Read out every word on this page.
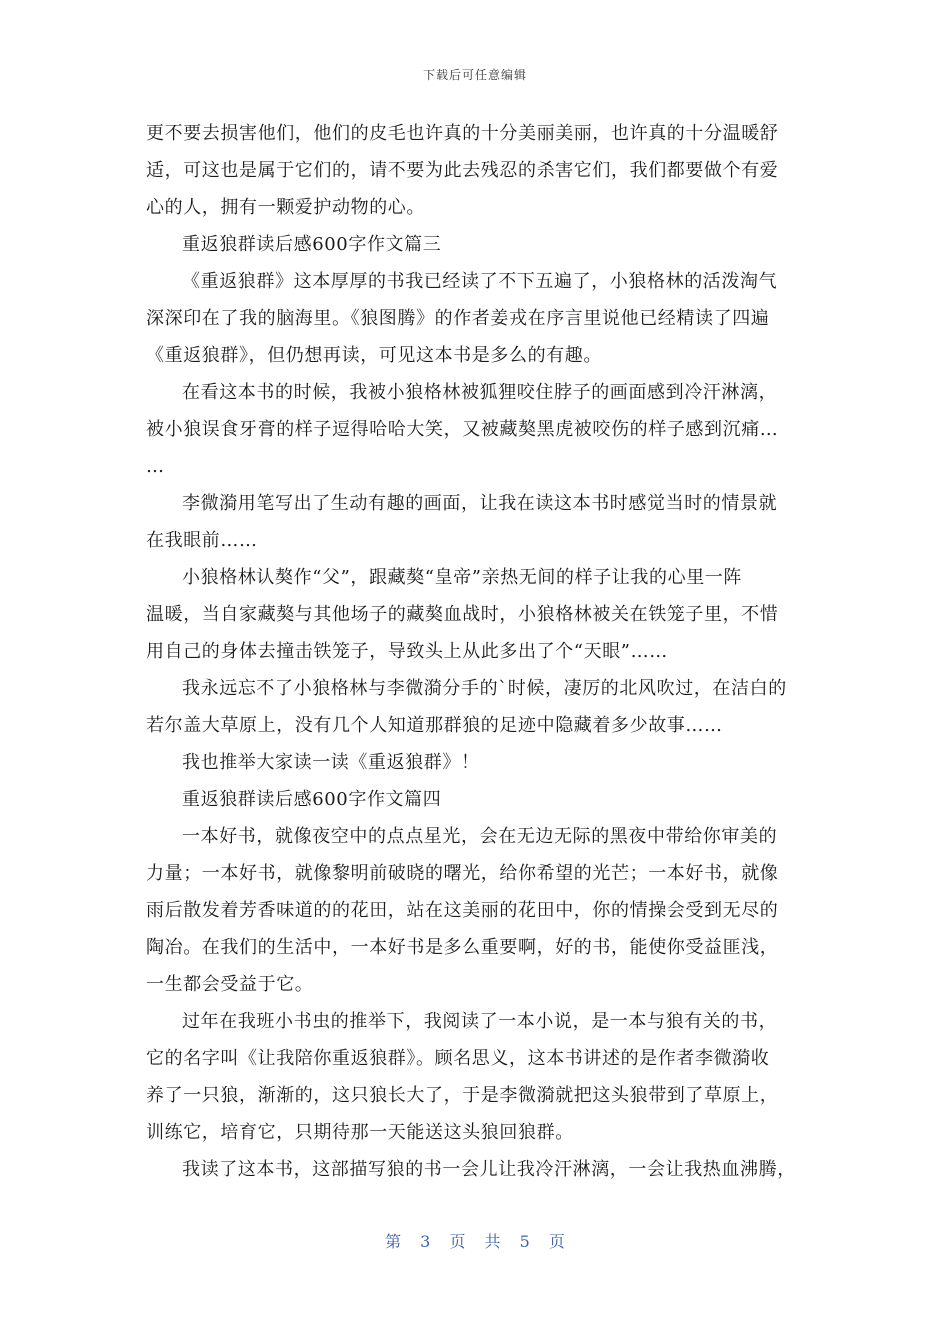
下载后可任意编辑
更不要去损害他们，他们的皮毛也许真的十分美丽美丽，也许真的十分温暖舒
适，可这也是属于它们的，请不要为此去残忍的杀害它们，我们都要做个有爱
心的人，拥有一颗爱护动物的心。
重返狼群读后感600字作文篇三
《重返狼群》这本厚厚的书我已经读了不下五遍了，小狼格林的活泼淘气
深深印在了我的脑海里。《狼图腾》的作者姜戎在序言里说他已经精读了四遍
《重返狼群》，但仍想再读，可见这本书是多么的有趣。
在看这本书的时候，我被小狼格林被狐狸咬住脖子的画面感到冷汗淋漓，
被小狼误食牙膏的样子逗得哈哈大笑，又被藏獒黑虎被咬伤的样子感到沉痛…
…
李微漪用笔写出了生动有趣的画面，让我在读这本书时感觉当时的情景就
在我眼前……
小狼格林认獒作“父”，跟藏獒“皇帝”亲热无间的样子让我的心里一阵
温暖，当自家藏獒与其他场子的藏獒血战时，小狼格林被关在铁笼子里，不惜
用自己的身体去撞击铁笼子，导致头上从此多出了个“天眼”……
我永远忘不了小狼格林与李微漪分手的`时候，凄厉的北风吹过，在洁白的
若尔盖大草原上，没有几个人知道那群狼的足迹中隐藏着多少故事……
我也推举大家读一读《重返狼群》！
重返狼群读后感600字作文篇四
一本好书，就像夜空中的点点星光，会在无边无际的黑夜中带给你审美的
力量；一本好书，就像黎明前破晓的曙光，给你希望的光芒；一本好书，就像
雨后散发着芳香味道的的花田，站在这美丽的花田中，你的情操会受到无尽的
陶冶。在我们的生活中，一本好书是多么重要啊，好的书，能使你受益匪浅，
一生都会受益于它。
过年在我班小书虫的推举下，我阅读了一本小说，是一本与狼有关的书，
它的名字叫《让我陪你重返狼群》。顾名思义，这本书讲述的是作者李微漪收
养了一只狼，渐渐的，这只狼长大了，于是李微漪就把这头狼带到了草原上，
训练它，培育它，只期待那一天能送这头狼回狼群。
我读了这本书，这部描写狼的书一会儿让我冷汗淋漓，一会让我热血沸腾，
第 3 页 共 5 页
